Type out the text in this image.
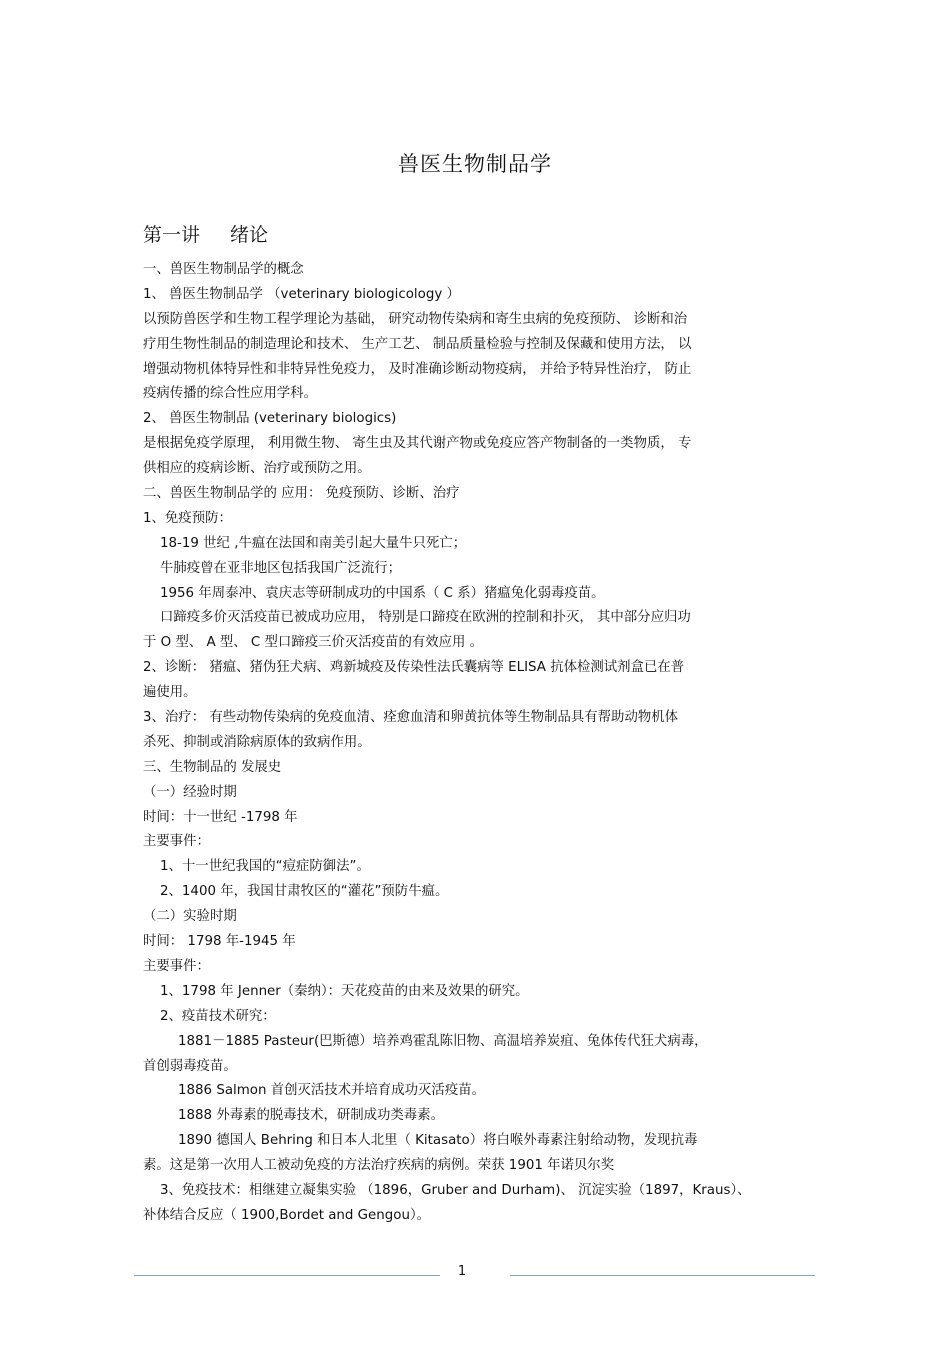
兽医生物制品学
第一讲 绪论
一、兽医生物制品学的概念
1、 兽医生物制品学 （veterinary biologicology ）
以预防兽医学和生物工程学理论为基础， 研究动物传染病和寄生虫病的免疫预防、 诊断和治
疗用生物性制品的制造理论和技术、 生产工艺、 制品质量检验与控制及保藏和使用方法， 以
增强动物机体特异性和非特异性免疫力， 及时准确诊断动物疫病， 并给予特异性治疗， 防止
疫病传播的综合性应用学科。
2、 兽医生物制品 (veterinary biologics)
是根据免疫学原理， 利用微生物、 寄生虫及其代谢产物或免疫应答产物制备的一类物质， 专
供相应的疫病诊断、治疗或预防之用。
二、兽医生物制品学的 应用： 免疫预防、诊断、治疗
1、免疫预防：
18-19 世纪 ,牛瘟在法国和南美引起大量牛只死亡；
牛肺疫曾在亚非地区包括我国广泛流行；
1956 年周泰冲、袁庆志等研制成功的中国系（ C 系）猪瘟兔化弱毒疫苗。
口蹄疫多价灭活疫苗已被成功应用， 特别是口蹄疫在欧洲的控制和扑灭， 其中部分应归功
于 O 型、 A 型、 C 型口蹄疫三价灭活疫苗的有效应用 。
2、诊断： 猪瘟、猪伪狂犬病、鸡新城疫及传染性法氏囊病等 ELISA 抗体检测试剂盒已在普
遍使用。
3、治疗： 有些动物传染病的免疫血清、痊愈血清和卵黄抗体等生物制品具有帮助动物机体
杀死、抑制或消除病原体的致病作用。
三、生物制品的 发展史
（一）经验时期
时间：十一世纪 -1798 年
主要事件：
1、十一世纪我国的“痘症防御法”。
2、1400 年，我国甘肃牧区的“灌花”预防牛瘟。
（二）实验时期
时间： 1798 年-1945 年
主要事件：
1、1798 年 Jenner（秦纳）：天花疫苗的由来及效果的研究。
2、疫苗技术研究：
1881－1885 Pasteur(巴斯德）培养鸡霍乱陈旧物、高温培养炭疽、兔体传代狂犬病毒，
首创弱毒疫苗。
1886 Salmon 首创灭活技术并培育成功灭活疫苗。
1888 外毒素的脱毒技术，研制成功类毒素。
1890 德国人 Behring 和日本人北里（ Kitasato）将白喉外毒素注射给动物，发现抗毒
素。这是第一次用人工被动免疫的方法治疗疾病的病例。荣获 1901 年诺贝尔奖
3、免疫技术：相继建立凝集实验 （1896，Gruber and Durham)、 沉淀实验（1897，Kraus）、
补体结合反应（ 1900,Bordet and Gengou）。
1
